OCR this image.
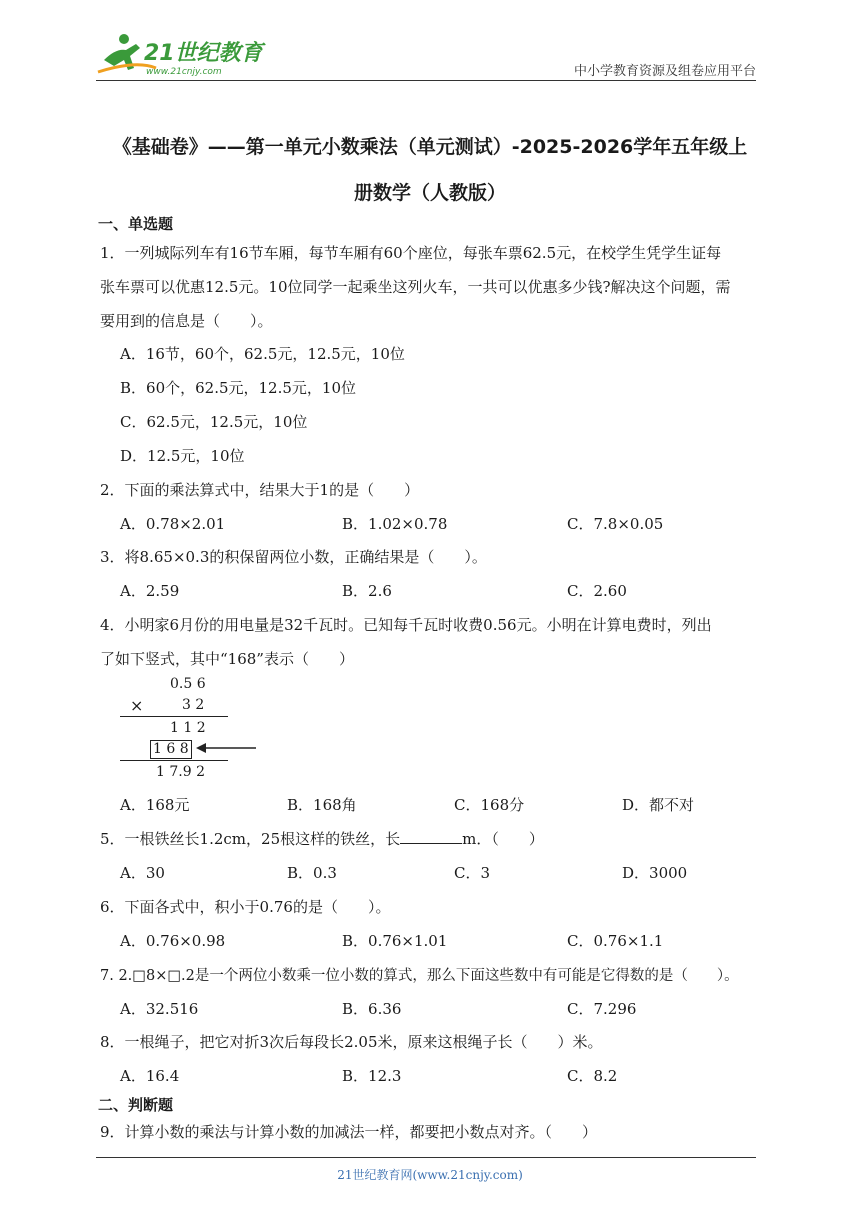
21世纪教育
www.21cnjy.com	中小学教育资源及组卷应用平台
《基础卷》——第一单元小数乘法（单元测试）-2025-2026学年五年级上
册数学（人教版）
一、单选题
1．一列城际列车有16节车厢，每节车厢有60个座位，每张车票62.5元，在校学生凭学生证每
张车票可以优惠12.5元。10位同学一起乘坐这列火车，一共可以优惠多少钱?解决这个问题，需
要用到的信息是（　　）。
A．16节，60个，62.5元，12.5元，10位
B．60个，62.5元，12.5元，10位
C．62.5元，12.5元，10位
D．12.5元，10位
2．下面的乘法算式中，结果大于1的是（　　）
A．0.78×2.01	B．1.02×0.78	C．7.8×0.05
3．将8.65×0.3的积保留两位小数，正确结果是（　　）。
A．2.59	B．2.6	C．2.60
4．小明家6月份的用电量是32千瓦时。已知每千瓦时收费0.56元。小明在计算电费时，列出
了如下竖式，其中“168”表示（　　）
0.5 6
×	3 2
1 1 2
1 6 8
1 7.9 2
A．168元	B．168角	C．168分	D．都不对
5．一根铁丝长1.2cm，25根这样的铁丝，长	m．（　　）
A．30	B．0.3	C．3	D．3000
6．下面各式中，积小于0.76的是（　　）。
A．0.76×0.98	B．0.76×1.01	C．0.76×1.1
7. 2.□8×□.2是一个两位小数乘一位小数的算式，那么下面这些数中有可能是它得数的是（　　）。
A．32.516	B．6.36	C．7.296
8．一根绳子，把它对折3次后每段长2.05米，原来这根绳子长（　　）米。
A．16.4	B．12.3	C．8.2
二、判断题
9．计算小数的乘法与计算小数的加减法一样，都要把小数点对齐。（　　）
21世纪教育网(www.21cnjy.com)
